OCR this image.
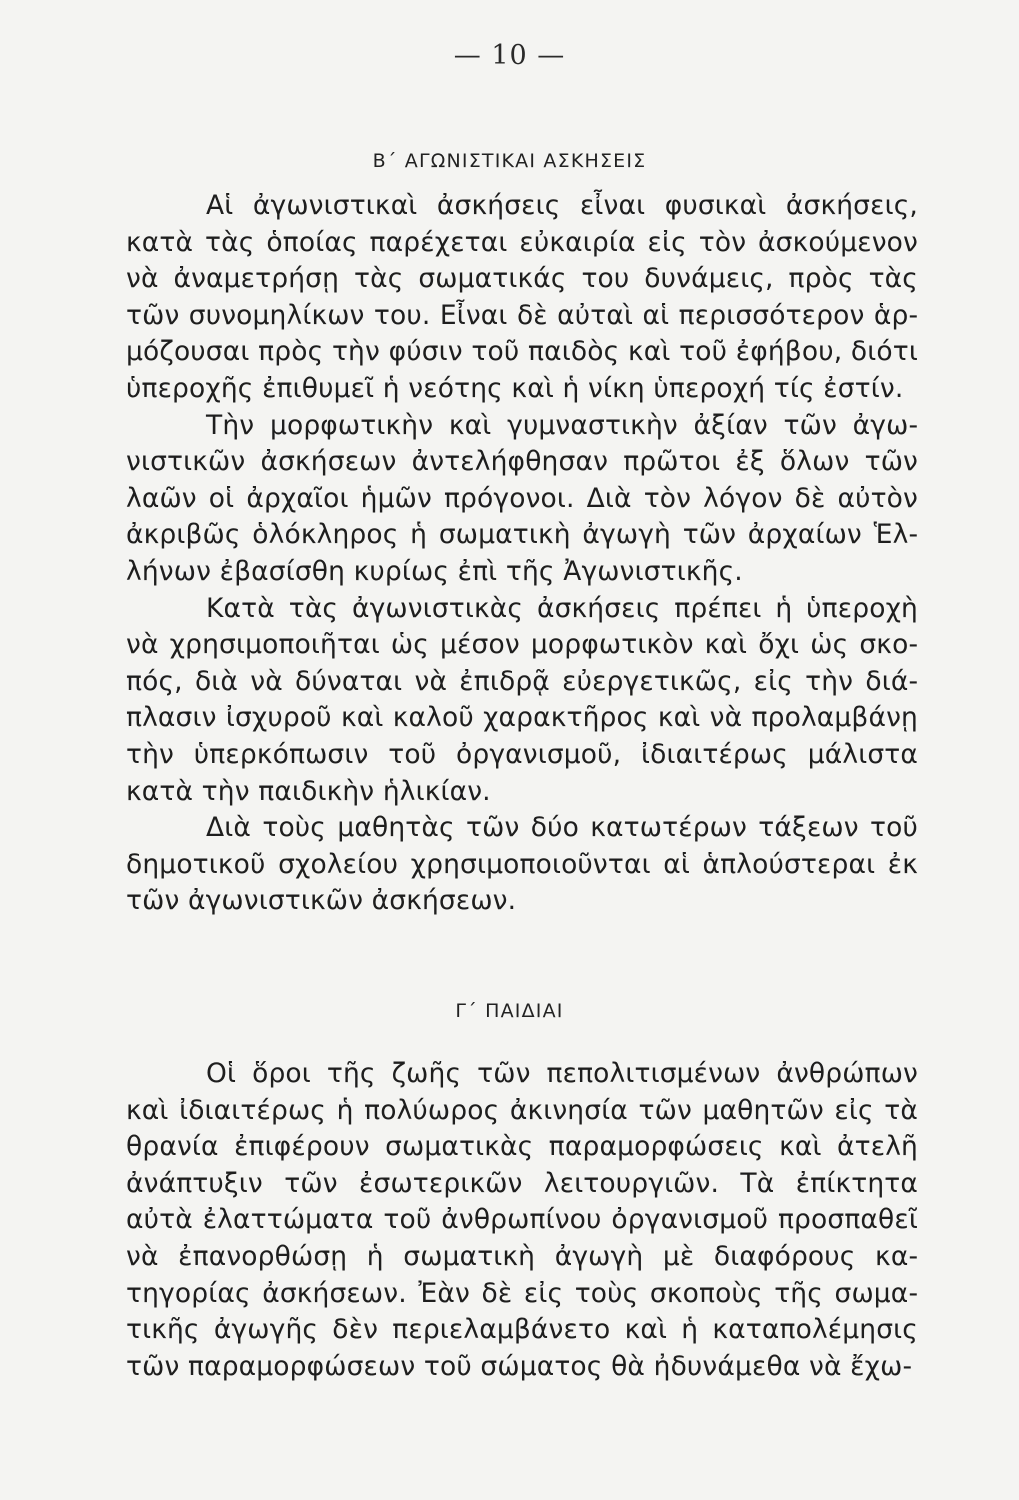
— 10 —
Β΄ ΑΓΩΝΙΣΤΙΚΑΙ ΑΣΚΗΣΕΙΣ

Αἱ ἀγωνιστικαὶ ἀσκήσεις εἶναι φυσικαὶ ἀσκήσεις, κατὰ τὰς ὁποίας παρέχεται εὐκαιρία εἰς τὸν ἀσκούμενον νὰ ἀναμετρήσῃ τὰς σωματικάς του δυνάμεις, πρὸς τὰς τῶν συνομηλίκων του. Εἶναι δὲ αὐταὶ αἱ περισσότερον ἁρμόζουσαι πρὸς τὴν φύσιν τοῦ παιδὸς καὶ τοῦ ἐφήβου, διότι ὑπεροχῆς ἐπιθυμεῖ ἡ νεότης καὶ ἡ νίκη ὑπεροχή τίς ἐστίν.

Τὴν μορφωτικὴν καὶ γυμναστικὴν ἀξίαν τῶν ἀγωνιστικῶν ἀσκήσεων ἀντελήφθησαν πρῶτοι ἐξ ὅλων τῶν λαῶν οἱ ἀρχαῖοι ἡμῶν πρόγονοι. Διὰ τὸν λόγον δὲ αὐτὸν ἀκριβῶς ὁλόκληρος ἡ σωματικὴ ἀγωγὴ τῶν ἀρχαίων Ἑλλήνων ἐβασίσθη κυρίως ἐπὶ τῆς Ἀγωνιστικῆς.

Κατὰ τὰς ἀγωνιστικὰς ἀσκήσεις πρέπει ἡ ὑπεροχὴ νὰ χρησιμοποιῆται ὡς μέσον μορφωτικὸν καὶ ὄχι ὡς σκοπός, διὰ νὰ δύναται νὰ ἐπιδρᾷ εὐεργετικῶς, εἰς τὴν διάπλασιν ἰσχυροῦ καὶ καλοῦ χαρακτῆρος καὶ νὰ προλαμβάνῃ τὴν ὑπερκόπωσιν τοῦ ὀργανισμοῦ, ἰδιαιτέρως μάλιστα κατὰ τὴν παιδικὴν ἡλικίαν.

Διὰ τοὺς μαθητὰς τῶν δύο κατωτέρων τάξεων τοῦ δημοτικοῦ σχολείου χρησιμοποιοῦνται αἱ ἁπλούστεραι ἐκ τῶν ἀγωνιστικῶν ἀσκήσεων.

Γ΄ ΠΑΙΔΙΑΙ

Οἱ ὅροι τῆς ζωῆς τῶν πεπολιτισμένων ἀνθρώπων καὶ ἰδιαιτέρως ἡ πολύωρος ἀκινησία τῶν μαθητῶν εἰς τὰ θρανία ἐπιφέρουν σωματικὰς παραμορφώσεις καὶ ἀτελῆ ἀνάπτυξιν τῶν ἐσωτερικῶν λειτουργιῶν. Τὰ ἐπίκτητα αὐτὰ ἐλαττώματα τοῦ ἀνθρωπίνου ὀργανισμοῦ προσπαθεῖ νὰ ἐπανορθώσῃ ἡ σωματικὴ ἀγωγὴ μὲ διαφόρους κατηγορίας ἀσκήσεων. Ἐὰν δὲ εἰς τοὺς σκοποὺς τῆς σωματικῆς ἀγωγῆς δὲν περιελαμβάνετο καὶ ἡ καταπολέμησις τῶν παραμορφώσεων τοῦ σώματος θὰ ἠδυνάμεθα νὰ ἔχω-
